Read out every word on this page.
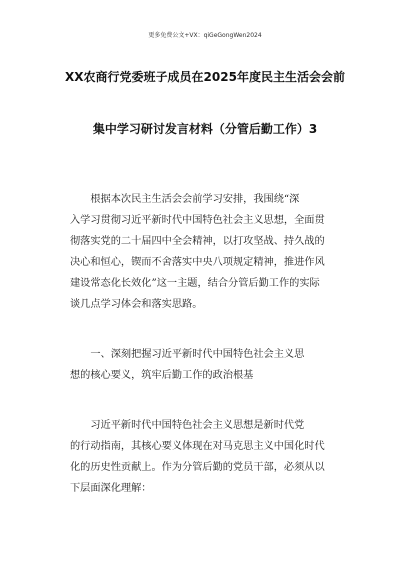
更多免费公文+VX：qiGeGongWen2024
XX农商行党委班子成员在2025年度民主生活会会前
集中学习研讨发言材料（分管后勤工作）3
　　根据本次民主生活会会前学习安排，我围绕“深
入学习贯彻习近平新时代中国特色社会主义思想，全面贯
彻落实党的二十届四中全会精神，以打攻坚战、持久战的
决心和恒心，锲而不舍落实中央八项规定精神，推进作风
建设常态化长效化”这一主题，结合分管后勤工作的实际
谈几点学习体会和落实思路。
　　一、深刻把握习近平新时代中国特色社会主义思
想的核心要义，筑牢后勤工作的政治根基
　　习近平新时代中国特色社会主义思想是新时代党
的行动指南，其核心要义体现在对马克思主义中国化时代
化的历史性贡献上。作为分管后勤的党员干部，必须从以
下层面深化理解：
